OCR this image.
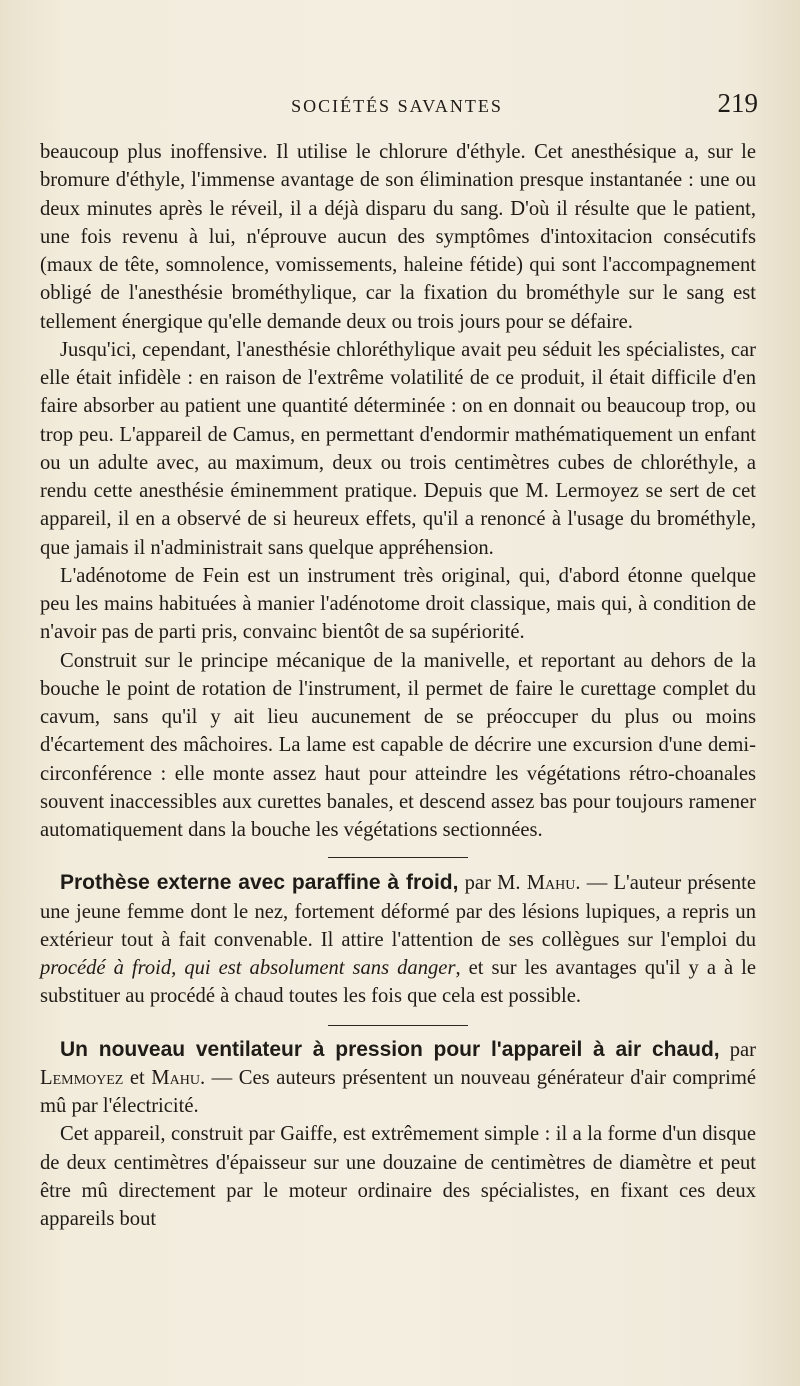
SOCIÉTÉS SAVANTES	219

beaucoup plus inoffensive. Il utilise le chlorure d'éthyle. Cet anesthésique a, sur le bromure d'éthyle, l'immense avantage de son élimination presque instantanée : une ou deux minutes après le réveil, il a déjà disparu du sang. D'où il résulte que le patient, une fois revenu à lui, n'éprouve aucun des symptômes d'intoxitacion consécutifs (maux de tête, somnolence, vomissements, haleine fétide) qui sont l'accompagnement obligé de l'anesthésie brométhylique, car la fixation du brométhyle sur le sang est tellement énergique qu'elle demande deux ou trois jours pour se défaire.

Jusqu'ici, cependant, l'anesthésie chloréthylique avait peu séduit les spécialistes, car elle était infidèle : en raison de l'extrême volatilité de ce produit, il était difficile d'en faire absorber au patient une quantité déterminée : on en donnait ou beaucoup trop, ou trop peu. L'appareil de Camus, en permettant d'endormir mathématiquement un enfant ou un adulte avec, au maximum, deux ou trois centimètres cubes de chloréthyle, a rendu cette anesthésie éminemment pratique. Depuis que M. Lermoyez se sert de cet appareil, il en a observé de si heureux effets, qu'il a renoncé à l'usage du brométhyle, que jamais il n'administrait sans quelque appréhension.

L'adénotome de Fein est un instrument très original, qui, d'abord étonne quelque peu les mains habituées à manier l'adénotome droit classique, mais qui, à condition de n'avoir pas de parti pris, convainc bientôt de sa supériorité.

Construit sur le principe mécanique de la manivelle, et reportant au dehors de la bouche le point de rotation de l'instrument, il permet de faire le curettage complet du cavum, sans qu'il y ait lieu aucunement de se préoccuper du plus ou moins d'écartement des mâchoires. La lame est capable de décrire une excursion d'une demi-circonférence : elle monte assez haut pour atteindre les végétations rétro-choanales souvent inaccessibles aux curettes banales, et descend assez bas pour toujours ramener automatiquement dans la bouche les végétations sectionnées.

Prothèse externe avec paraffine à froid, par M. Mahu. — L'auteur présente une jeune femme dont le nez, fortement déformé par des lésions lupiques, a repris un extérieur tout à fait convenable. Il attire l'attention de ses collègues sur l'emploi du procédé à froid, qui est absolument sans danger, et sur les avantages qu'il y a à le substituer au procédé à chaud toutes les fois que cela est possible.

Un nouveau ventilateur à pression pour l'appareil à air chaud, par Lemmoyez et Mahu. — Ces auteurs présentent un nouveau générateur d'air comprimé mû par l'électricité.

Cet appareil, construit par Gaiffe, est extrêmement simple : il a la forme d'un disque de deux centimètres d'épaisseur sur une douzaine de centimètres de diamètre et peut être mû directement par le moteur ordinaire des spécialistes, en fixant ces deux appareils bout
